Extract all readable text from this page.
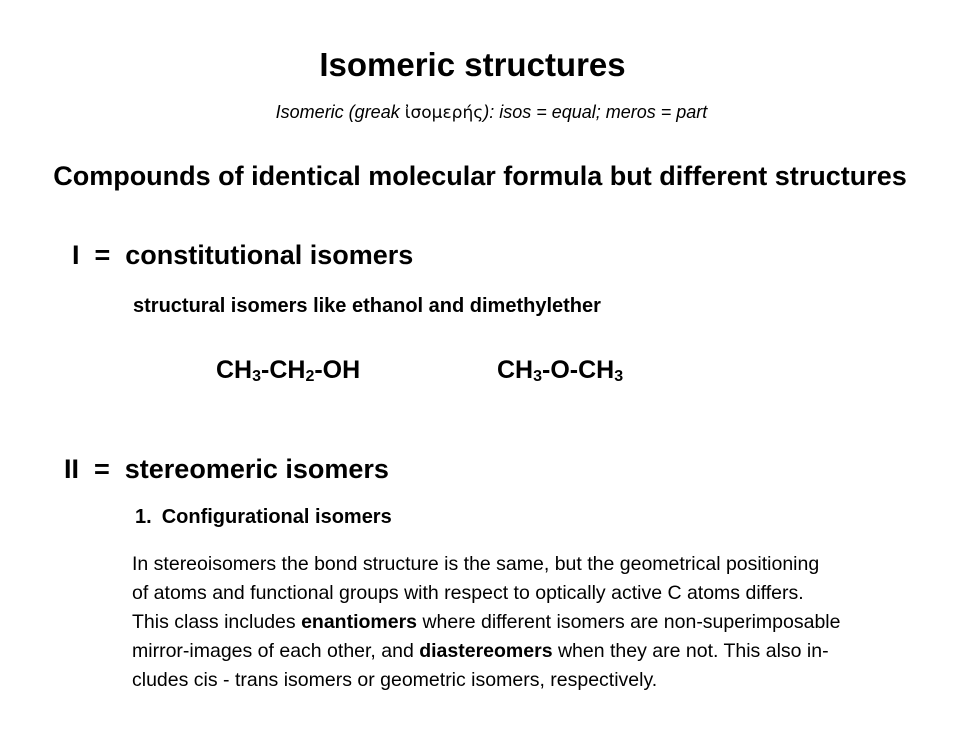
Isomeric structures
Isomeric (greak ἰσομερής): isos = equal; meros = part
Compounds of identical molecular formula but different structures
I  =  constitutional isomers
structural isomers like ethanol and dimethylether
$CH_3-CH_2-OH$	$CH_3-O-CH_3$
II  =  stereomeric isomers
1. Configurational isomers
In stereoisomers the bond structure is the same, but the geometrical positioning
of atoms and functional groups with respect to optically active C atoms differs.
This class includes enantiomers where different isomers are non-superimposable
mirror-images of each other, and diastereomers when they are not. This also in-
cludes cis - trans isomers or geometric isomers, respectively.
